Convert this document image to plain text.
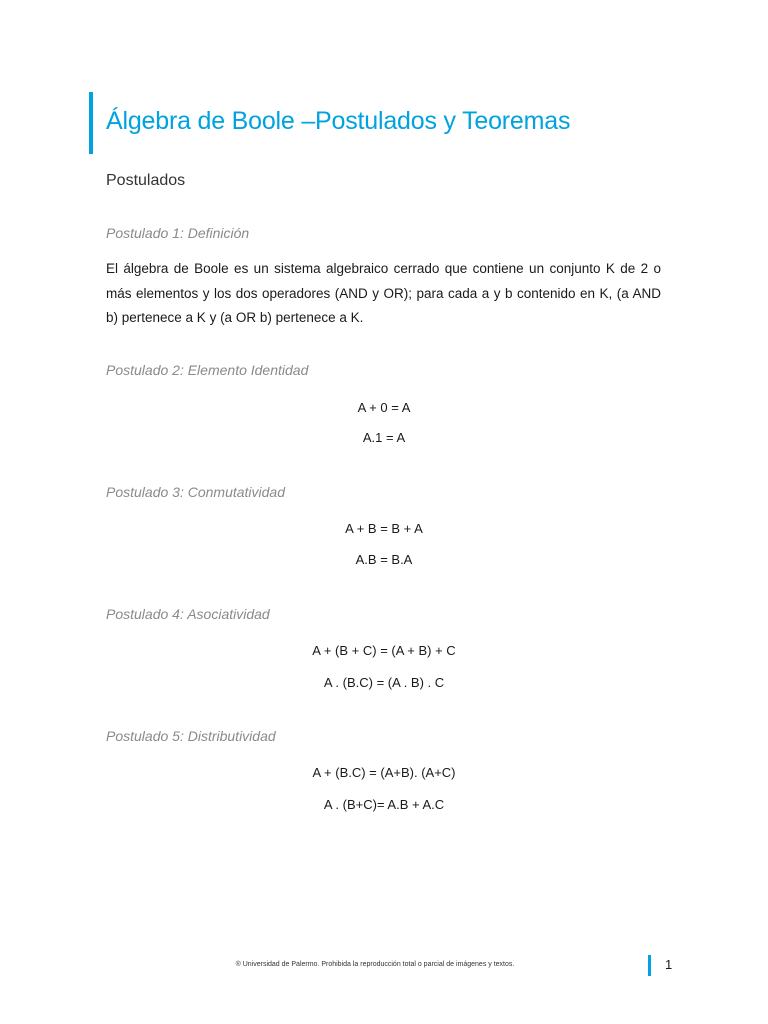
Álgebra de Boole –Postulados y Teoremas
Postulados
Postulado 1: Definición
El álgebra de Boole es un sistema algebraico cerrado que contiene un conjunto K de 2 o más elementos y los dos operadores (AND y OR); para cada a y b contenido en K, (a AND b) pertenece a K y (a OR b) pertenece a K.
Postulado 2: Elemento Identidad
A + 0 = A
A.1 = A
Postulado 3: Conmutatividad
A + B = B + A
A.B = B.A
Postulado 4: Asociatividad
A + (B + C) = (A + B) + C
A . (B.C) = (A . B) . C
Postulado 5: Distributividad
A + (B.C) = (A+B). (A+C)
A . (B+C)= A.B + A.C
® Universidad de Palermo. Prohibida la reproducción total o parcial de imágenes y textos.	1
